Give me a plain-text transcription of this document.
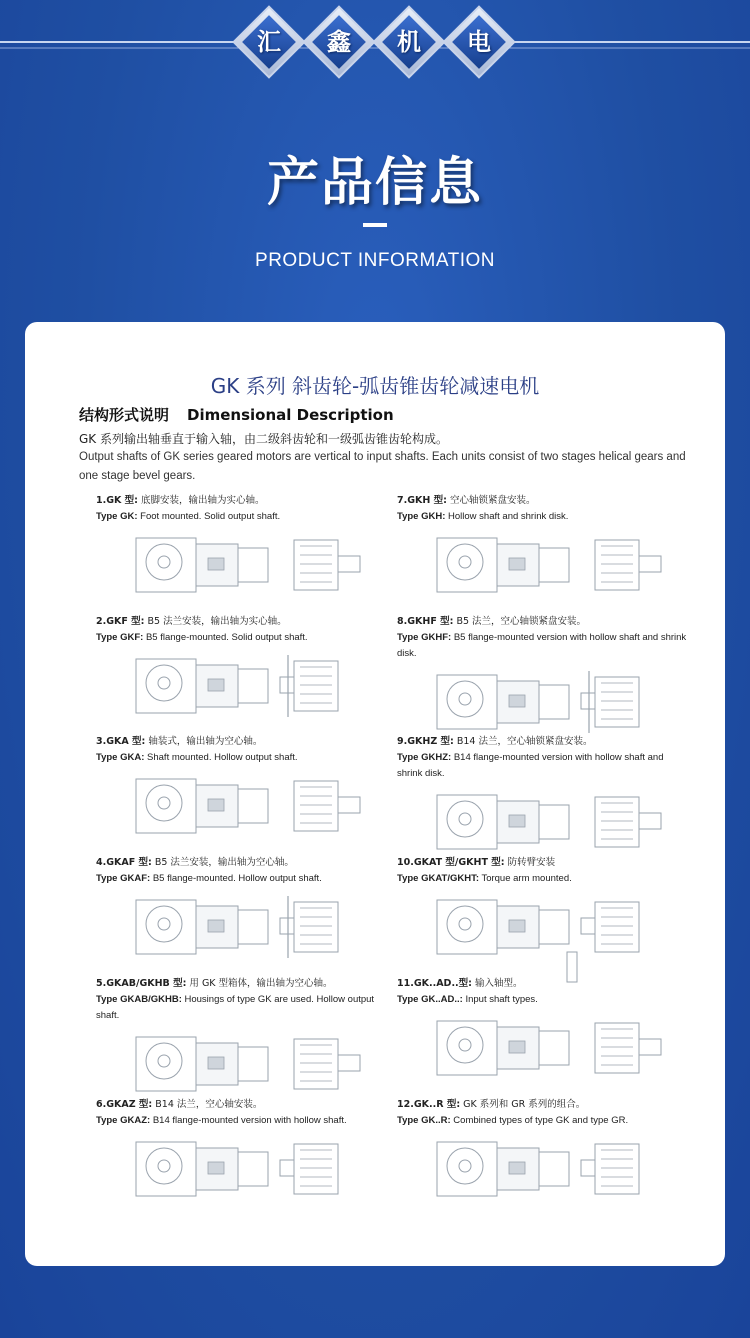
汇	鑫	机	电
产品信息
PRODUCT INFORMATION
GK 系列 斜齿轮-弧齿锥齿轮减速电机
结构形式说明 Dimensional Description
GK 系列输出轴垂直于输入轴，由二级斜齿轮和一级弧齿锥齿轮构成。
Output shafts of GK series geared motors are vertical to input shafts. Each units consist of two stages helical gears and one stage bevel gears.
1.GK 型: 底脚安装，输出轴为实心轴。
Type GK: Foot mounted. Solid output shaft.
2.GKF 型: B5 法兰安装，输出轴为实心轴。
Type GKF: B5 flange-mounted. Solid output shaft.
3.GKA 型: 轴装式，输出轴为空心轴。
Type GKA: Shaft mounted. Hollow output shaft.
4.GKAF 型: B5 法兰安装，输出轴为空心轴。
Type GKAF: B5 flange-mounted. Hollow output shaft.
5.GKAB/GKHB 型: 用 GK 型箱体，输出轴为空心轴。
Type GKAB/GKHB: Housings of type GK are used. Hollow output shaft.
6.GKAZ 型: B14 法兰，空心轴安装。
Type GKAZ: B14 flange-mounted version with hollow shaft.
7.GKH 型: 空心轴锁紧盘安装。
Type GKH: Hollow shaft and shrink disk.
8.GKHF 型: B5 法兰，空心轴锁紧盘安装。
Type GKHF: B5 flange-mounted version with hollow shaft and shrink disk.
9.GKHZ 型: B14 法兰，空心轴锁紧盘安装。
Type GKHZ: B14 flange-mounted version with hollow shaft and shrink disk.
10.GKAT 型/GKHT 型: 防转臂安装
Type GKAT/GKHT: Torque arm mounted.
11.GK..AD..型: 输入轴型。
Type GK..AD..: Input shaft types.
12.GK..R 型: GK 系列和 GR 系列的组合。
Type GK..R: Combined types of type GK and type GR.
